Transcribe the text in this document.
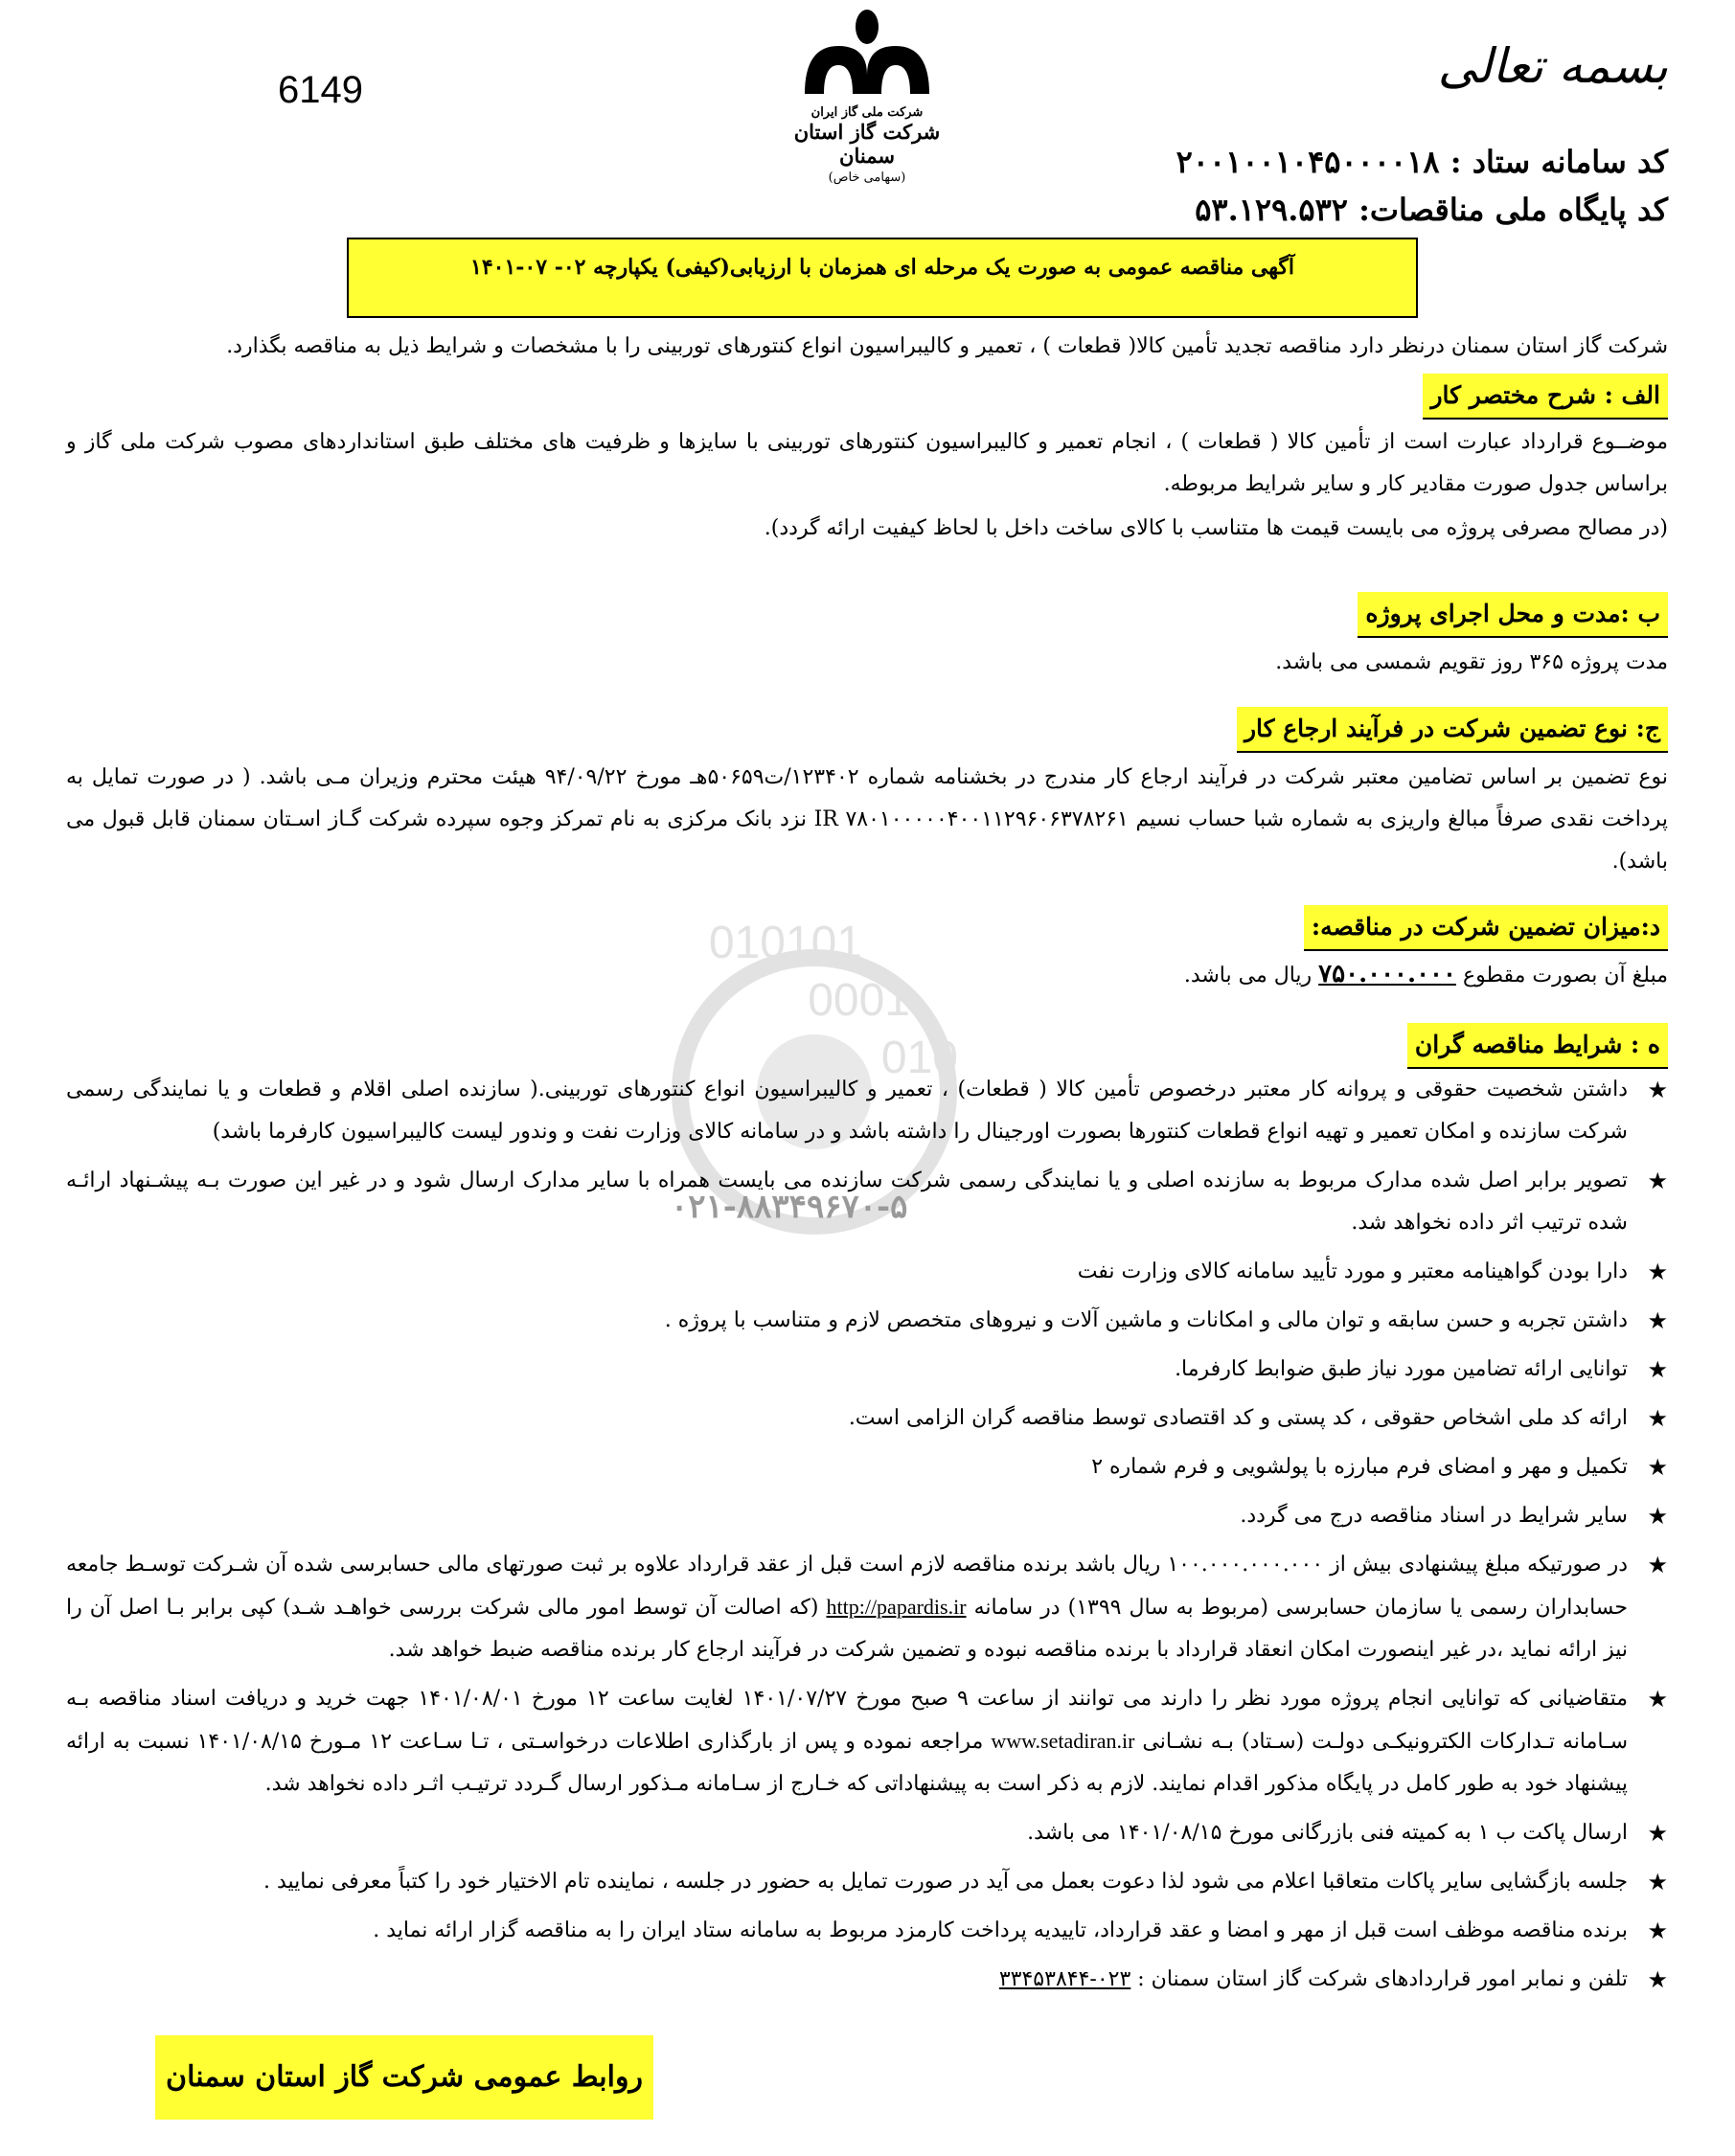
6149	بسمه تعالی
شرکت ملی گاز ایران
شرکت گاز استان سمنان
(سهامی خاص)	کد سامانه ستاد : ۲۰۰۱۰۰۱۰۴۵۰۰۰۰۱۸
کد پایگاه ملی مناقصات: ۵۳.۱۲۹.۵۳۲
آگهی مناقصه عمومی به صورت یک مرحله ای همزمان با ارزیابی(کیفی) یکپارچه ۰۲- ۰۷-۱۴۰۱
شرکت گاز استان سمنان درنظر دارد مناقصه تجدید تأمین کالا( قطعات ) ، تعمیر و کالیبراسیون انواع کنتورهای توربینی را با مشخصات و شرایط ذیل به مناقصه بگذارد.
الف : شرح مختصر کار
موضــوع قرارداد عبارت است از تأمین کالا ( قطعات ) ، انجام تعمیر و کالیبراسیون کنتورهای توربینی با سایزها و ظرفیت های مختلف طبق استانداردهای مصوب شرکت ملی گاز و براساس جدول صورت مقادیر کار و سایر شرایط مربوطه.
(در مصالح مصرفی پروژه می بایست قیمت ها متناسب با کالای ساخت داخل با لحاظ کیفیت ارائه گردد).
ب :مدت و محل اجرای پروژه
مدت پروژه ۳۶۵ روز تقویم شمسی می باشد.
ج: نوع تضمین شرکت در فرآیند ارجاع کار
نوع تضمین بر اساس تضامین معتبر شرکت در فرآیند ارجاع کار مندرج در بخشنامه شماره ۱۲۳۴۰۲/ت۵۰۶۵۹هـ مورخ ۹۴/۰۹/۲۲ هیئت محترم وزیران مـی باشد. ( در صورت تمایل به پرداخت نقدی صرفاً مبالغ واریزی به شماره شبا حساب نسیم IR ۷۸۰۱۰۰۰۰۰۴۰۰۱۱۲۹۶۰۶۳۷۸۲۶۱ نزد بانک مرکزی به نام تمرکز وجوه سپرده شرکت گـاز اسـتان سمنان قابل قبول می باشد).
د:میزان تضمین شرکت در مناقصه:
مبلغ آن بصورت مقطوع ۷۵۰.۰۰۰.۰۰۰ ریال می باشد.
ه : شرایط مناقصه گران
010101
0001
010
۰۲۱-۸۸۳۴۹۶۷۰-۵
★
داشتن شخصیت حقوقی و پروانه کار معتبر درخصوص تأمین کالا ( قطعات) ، تعمیر و کالیبراسیون انواع کنتورهای توربینی.( سازنده اصلی اقلام و قطعات و یا نمایندگی رسمی شرکت سازنده و امکان تعمیر و تهیه انواع قطعات کنتورها بصورت اورجینال را داشته باشد و در سامانه کالای وزارت نفت و وندور لیست کالیبراسیون کارفرما باشد)
★
تصویر برابر اصل شده مدارک مربوط به سازنده اصلی و یا نمایندگی رسمی شرکت سازنده می بایست همراه با سایر مدارک ارسال شود و در غیر این صورت بـه پیشـنهاد ارائـه شده ترتیب اثر داده نخواهد شد.
★
دارا بودن گواهینامه معتبر و مورد تأیید سامانه کالای وزارت نفت
★
داشتن تجربه و حسن سابقه و توان مالی و امکانات و ماشین آلات و نیروهای متخصص لازم و متناسب با پروژه .
★
توانایی ارائه تضامین مورد نیاز طبق ضوابط کارفرما.
★
ارائه کد ملی اشخاص حقوقی ، کد پستی و کد اقتصادی توسط مناقصه گران الزامی است.
★
تکمیل و مهر و امضای فرم مبارزه با پولشویی و فرم شماره ۲
★
سایر شرایط در اسناد مناقصه درج می گردد.
★
در صورتیکه مبلغ پیشنهادی بیش از ۱۰۰.۰۰۰.۰۰۰.۰۰۰ ریال باشد برنده مناقصه لازم است قبل از عقد قرارداد علاوه بر ثبت صورتهای مالی حسابرسی شده آن شـرکت توسـط جامعه حسابداران رسمی یا سازمان حسابرسی (مربوط به سال ۱۳۹۹) در سامانه http://papardis.ir (که اصالت آن توسط امور مالی شرکت بررسی خواهـد شـد) کپی برابر بـا اصل آن را نیز ارائه نماید ،در غیر اینصورت امکان انعقاد قرارداد با برنده مناقصه نبوده و تضمین شرکت در فرآیند ارجاع کار برنده مناقصه ضبط خواهد شد.
★
متقاضیانی که توانایی انجام پروژه مورد نظر را دارند می توانند از ساعت ۹ صبح مورخ ۱۴۰۱/۰۷/۲۷ لغایت ساعت ۱۲ مورخ ۱۴۰۱/۰۸/۰۱ جهت خرید و دریافت اسناد مناقصه بـه سـامانه تـدارکات الکترونیکـی دولـت (سـتاد) بـه نشـانی www.setadiran.ir مراجعه نموده و پس از بارگذاری اطلاعات درخواسـتی ، تـا سـاعت ۱۲ مـورخ ۱۴۰۱/۰۸/۱۵ نسبت به ارائه پیشنهاد خود به طور کامل در پایگاه مذکور اقدام نمایند. لازم به ذکر است به پیشنهاداتی که خـارج از سـامانه مـذکور ارسال گـردد ترتیـب اثـر داده نخواهد شد.
★
ارسال پاکت ب ۱ به کمیته فنی بازرگانی مورخ ۱۴۰۱/۰۸/۱۵ می باشد.
★
جلسه بازگشایی سایر پاکات متعاقبا اعلام می شود لذا دعوت بعمل می آید در صورت تمایل به حضور در جلسه ، نماینده تام الاختیار خود را کتباً معرفی نمایید .
★
برنده مناقصه موظف است قبل از مهر و امضا و عقد قرارداد، تاییدیه پرداخت کارمزد مربوط به سامانه ستاد ایران را به مناقصه گزار ارائه نماید .
★
تلفن و نمابر امور قراردادهای شرکت گاز استان سمنان : ۰۲۳-۳۳۴۵۳۸۴۴
روابط عمومی شرکت گاز استان سمنان
